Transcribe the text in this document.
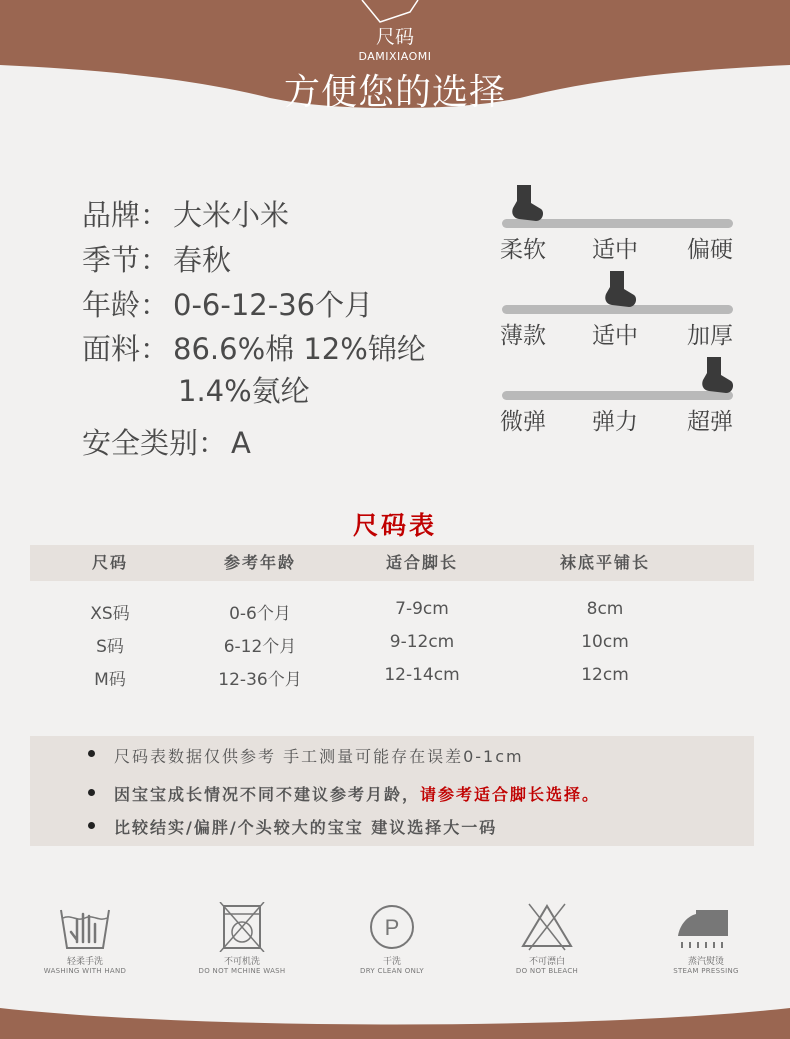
尺码
DAMIXIAOMI
方便您的选择
品牌： 大米小米
季节： 春秋
年龄： 0-6-12-36个月
面料： 86.6%棉 12%锦纶
1.4%氨纶
安全类别： A
柔软 适中 偏硬
薄款 适中 加厚
微弹 弹力 超弹
尺码表
尺码	参考年龄	适合脚长	袜底平铺长
XS码	0-6个月	7-9cm	8cm
S码	6-12个月	9-12cm	10cm
M码	12-36个月	12-14cm	12cm
尺码表数据仅供参考 手工测量可能存在误差0-1cm
因宝宝成长情况不同不建议参考月龄，请参考适合脚长选择。
比较结实/偏胖/个头较大的宝宝 建议选择大一码
轻柔手洗
WASHING WITH HAND
不可机洗
DO NOT MCHINE WASH
P
干洗
DRY CLEAN ONLY
不可漂白
DO NOT BLEACH
蒸汽熨烫
STEAM PRESSING
